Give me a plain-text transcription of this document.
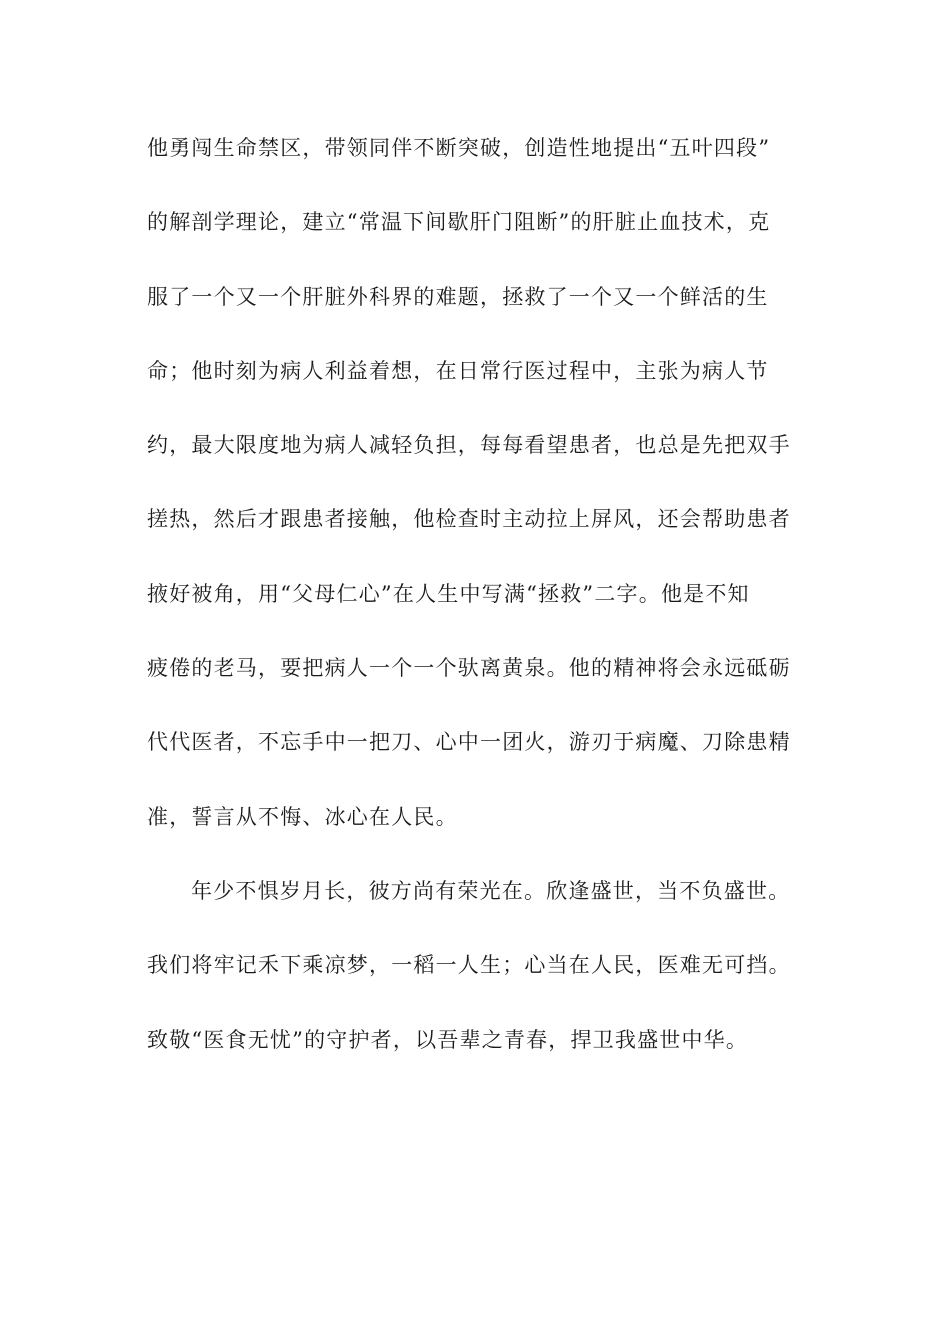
他勇闯生命禁区，带领同伴不断突破，创造性地提出“五叶四段”
的解剖学理论，建立“常温下间歇肝门阻断”的肝脏止血技术，克
服了一个又一个肝脏外科界的难题，拯救了一个又一个鲜活的生
命；他时刻为病人利益着想，在日常行医过程中，主张为病人节
约，最大限度地为病人减轻负担，每每看望患者，也总是先把双手
搓热，然后才跟患者接触，他检查时主动拉上屏风，还会帮助患者
掖好被角，用“父母仁心”在人生中写满“拯救”二字。他是不知
疲倦的老马，要把病人一个一个驮离黄泉。他的精神将会永远砥砺
代代医者，不忘手中一把刀、心中一团火，游刃于病魔、刀除患精
准，誓言从不悔、冰心在人民。
年少不惧岁月长，彼方尚有荣光在。欣逢盛世，当不负盛世。
我们将牢记禾下乘凉梦，一稻一人生；心当在人民，医难无可挡。
致敬“医食无忧”的守护者，以吾辈之青春，捍卫我盛世中华。
